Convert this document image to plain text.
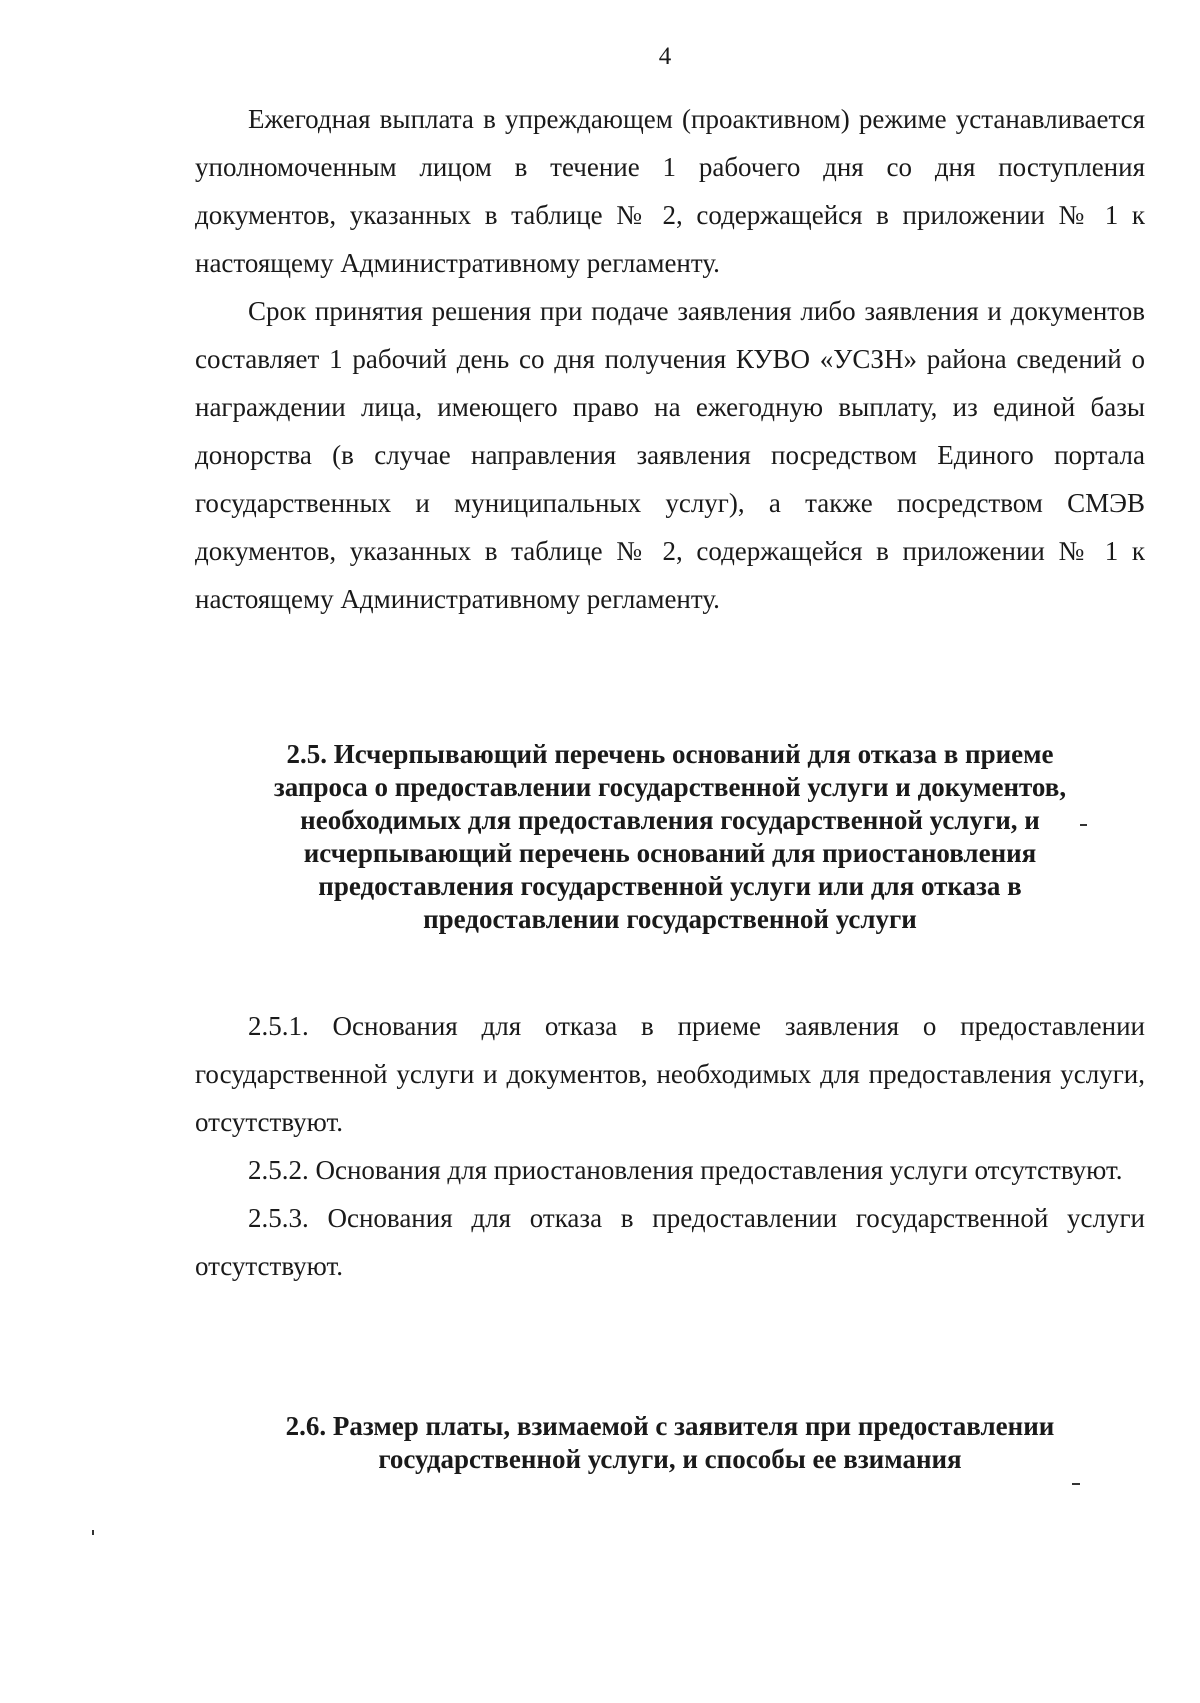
4

Ежегодная выплата в упреждающем (проактивном) режиме устанавливается уполномоченным лицом в течение 1 рабочего дня со дня поступления документов, указанных в таблице № 2, содержащейся в приложении № 1 к настоящему Административному регламенту.

Срок принятия решения при подаче заявления либо заявления и документов составляет 1 рабочий день со дня получения КУВО «УСЗН» района сведений о награждении лица, имеющего право на ежегодную выплату, из единой базы донорства (в случае направления заявления посредством Единого портала государственных и муниципальных услуг), а также посредством СМЭВ документов, указанных в таблице № 2, содержащейся в приложении № 1 к настоящему Административному регламенту.

2.5. Исчерпывающий перечень оснований для отказа в приеме
запроса о предоставлении государственной услуги и документов,
необходимых для предоставления государственной услуги, и
исчерпывающий перечень оснований для приостановления
предоставления государственной услуги или для отказа в
предоставлении государственной услуги

2.5.1. Основания для отказа в приеме заявления о предоставлении государственной услуги и документов, необходимых для предоставления услуги, отсутствуют.

2.5.2. Основания для приостановления предоставления услуги отсутствуют.

2.5.3. Основания для отказа в предоставлении государственной услуги отсутствуют.

2.6. Размер платы, взимаемой с заявителя при предоставлении
государственной услуги, и способы ее взимания
